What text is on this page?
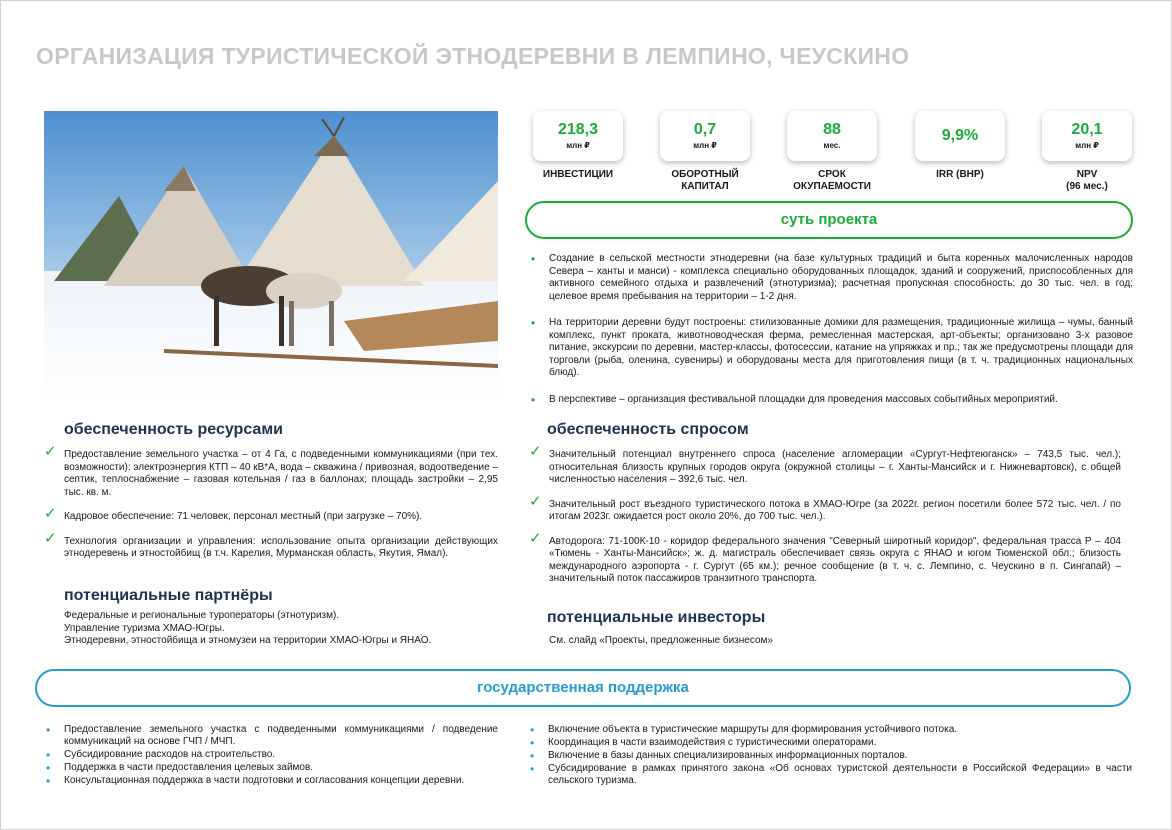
ОРГАНИЗАЦИЯ ТУРИСТИЧЕСКОЙ ЭТНОДЕРЕВНИ В ЛЕМПИНО, ЧЕУСКИНО
218,3
млн ₽
ИНВЕСТИЦИИ
0,7
млн ₽
ОБОРОТНЫЙ
КАПИТАЛ
88
мес.
СРОК
ОКУПАЕМОСТИ
9,9%
IRR (ВНР)
20,1
млн ₽
NPV
(96 мес.)
суть проекта
• Создание в сельской местности этнодеревни (на базе культурных традиций и быта коренных малочисленных народов Севера – ханты и манси) - комплекса специально оборудованных площадок, зданий и сооружений, приспособленных для активного семейного отдыха и развлечений (этнотуризма); расчетная пропускная способность: до 30 тыс. чел. в год; целевое время пребывания на территории – 1-2 дня.
• На территории деревни будут построены: стилизованные домики для размещения, традиционные жилища – чумы, банный комплекс, пункт проката, животноводческая ферма, ремесленная мастерская, арт-объекты; организовано 3-х разовое питание, экскурсии по деревни, мастер-классы, фотосессии, катание на упряжках и пр.; так же предусмотрены площади для торговли (рыба, оленина, сувениры) и оборудованы места для приготовления пищи (в т. ч. традиционных национальных блюд).
• В перспективе – организация фестивальной площадки для проведения массовых событийных мероприятий.
обеспеченность ресурсами
✓ Предоставление земельного участка – от 4 Га, с подведенными коммуникациями (при тех. возможности): электроэнергия КТП – 40 кВ*А, вода – скважина / привозная, водоотведение – септик, теплоснабжение – газовая котельная / газ в баллонах; площадь застройки – 2,95 тыс. кв. м.
✓ Кадровое обеспечение: 71 человек, персонал местный (при загрузке – 70%).
✓ Технология организации и управления: использование опыта организации действующих этнодеревень и этностойбищ (в т.ч. Карелия, Мурманская область, Якутия, Ямал).
обеспеченность спросом
✓ Значительный потенциал внутреннего спроса (население агломерации «Сургут-Нефтеюганск» – 743,5 тыс. чел.); относительная близость крупных городов округа (окружной столицы – г. Ханты-Мансийск и г. Нижневартовск), с общей численностью населения – 392,6 тыс. чел.
✓ Значительный рост въездного туристического потока в ХМАО-Югре (за 2022г. регион посетили более 572 тыс. чел. / по итогам 2023г. ожидается рост около 20%, до 700 тыс. чел.).
✓ Автодорога: 71-100К-10 - коридор федерального значения "Северный широтный коридор", федеральная трасса Р – 404 «Тюмень - Ханты-Мансийск»; ж. д. магистраль обеспечивает связь округа с ЯНАО и югом Тюменской обл.; близость международного аэропорта - г. Сургут (65 км.); речное сообщение (в т. ч. с. Лемпино, с. Чеускино в п. Сингапай) – значительный поток пассажиров транзитного транспорта.
потенциальные партнёры
Федеральные и региональные туроператоры (этнотуризм).
Управление туризма ХМАО-Югры.
Этнодеревни, этностойбища и этномузеи на территории ХМАО-Югры и ЯНАО.
потенциальные инвесторы
См. слайд «Проекты, предложенные бизнесом»
государственная поддержка
• Предоставление земельного участка с подведенными коммуникациями / подведение коммуникаций на основе ГЧП / МЧП.
• Субсидирование расходов на строительство.
• Поддержка в части предоставления целевых займов.
• Консультационная поддержка в части подготовки и согласования концепции деревни.
• Включение объекта в туристические маршруты для формирования устойчивого потока.
• Координация в части взаимодействия с туристическими операторами.
• Включение в базы данных специализированных информационных порталов.
• Субсидирование в рамках принятого закона «Об основах туристской деятельности в Российской Федерации» в части сельского туризма.
